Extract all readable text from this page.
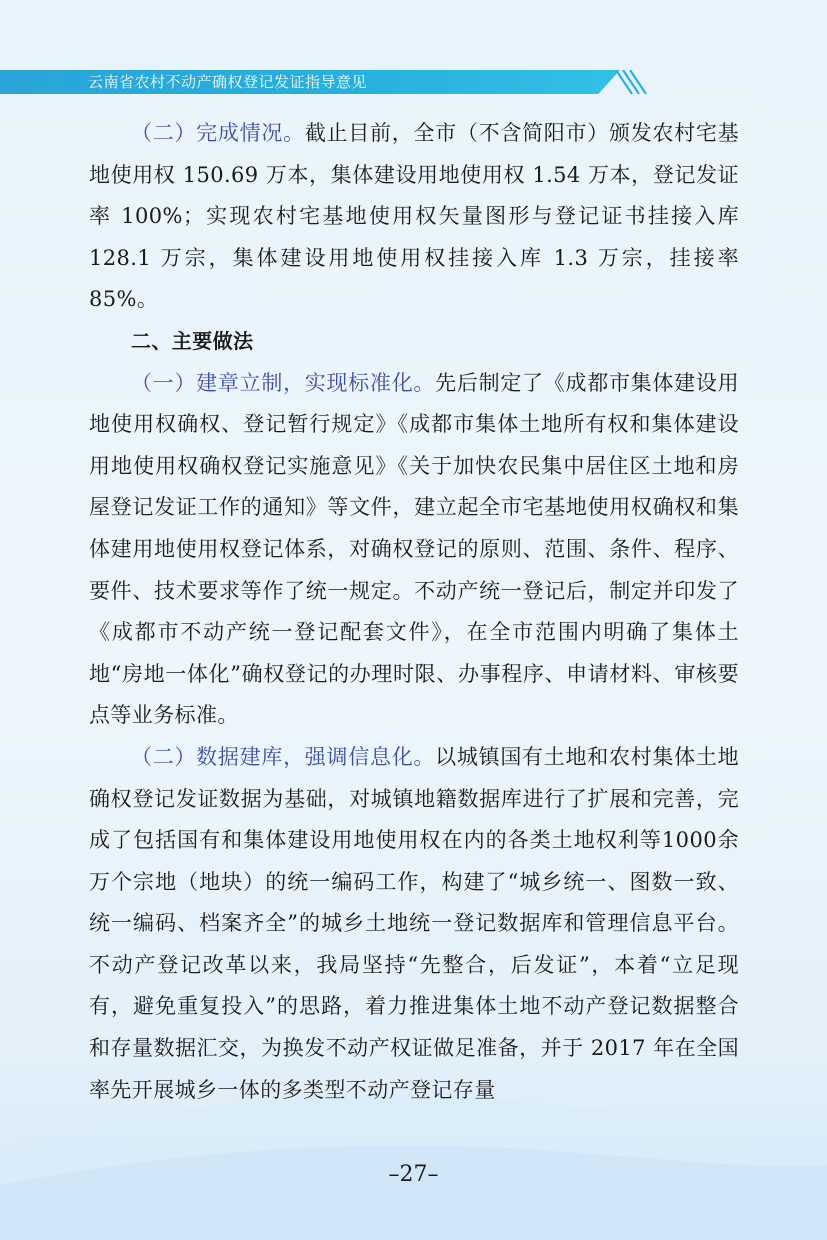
云南省农村不动产确权登记发证指导意见

（二）完成情况。截止目前，全市（不含简阳市）颁发农村宅基地使用权 150.69 万本，集体建设用地使用权 1.54 万本，登记发证率 100%；实现农村宅基地使用权矢量图形与登记证书挂接入库 128.1 万宗，集体建设用地使用权挂接入库 1.3 万宗，挂接率 85%。

二、主要做法

（一）建章立制，实现标准化。先后制定了《成都市集体建设用地使用权确权、登记暂行规定》《成都市集体土地所有权和集体建设用地使用权确权登记实施意见》《关于加快农民集中居住区土地和房屋登记发证工作的通知》等文件，建立起全市宅基地使用权确权和集体建用地使用权登记体系，对确权登记的原则、范围、条件、程序、要件、技术要求等作了统一规定。不动产统一登记后，制定并印发了《成都市不动产统一登记配套文件》，在全市范围内明确了集体土地“房地一体化”确权登记的办理时限、办事程序、申请材料、审核要点等业务标准。

（二）数据建库，强调信息化。以城镇国有土地和农村集体土地确权登记发证数据为基础，对城镇地籍数据库进行了扩展和完善，完成了包括国有和集体建设用地使用权在内的各类土地权利等1000余万个宗地（地块）的统一编码工作，构建了“城乡统一、图数一致、统一编码、档案齐全”的城乡土地统一登记数据库和管理信息平台。不动产登记改革以来，我局坚持“先整合，后发证”，本着“立足现有，避免重复投入”的思路，着力推进集体土地不动产登记数据整合和存量数据汇交，为换发不动产权证做足准备，并于 2017 年在全国率先开展城乡一体的多类型不动产登记存量

–27–
